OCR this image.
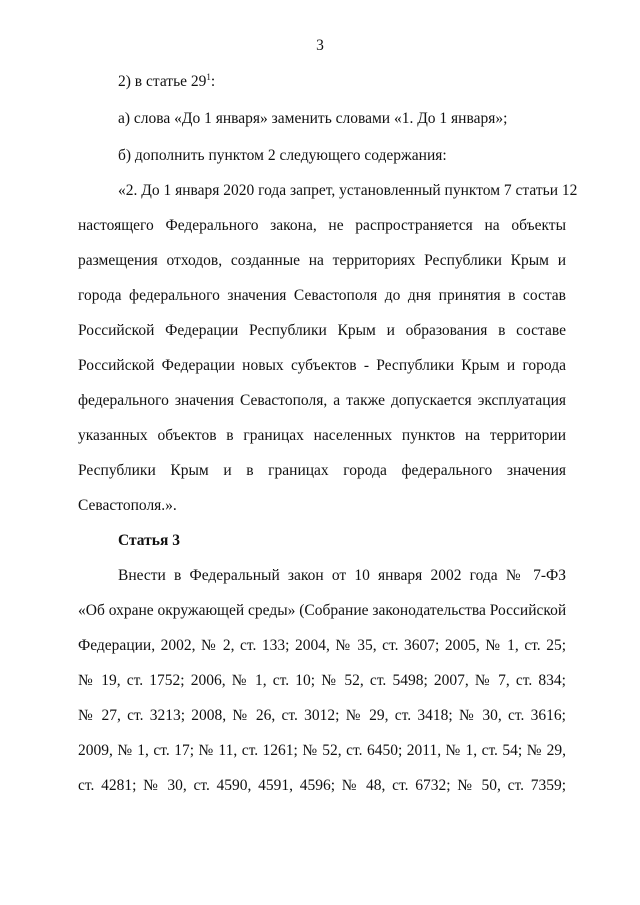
3
2) в статье $29^1$:
а) слова «До 1 января» заменить словами «1. До 1 января»;
б) дополнить пунктом 2 следующего содержания:
«2. До 1 января 2020 года запрет, установленный пунктом 7 статьи 12
настоящего Федерального закона, не распространяется на объекты
размещения отходов, созданные на территориях Республики Крым и
города федерального значения Севастополя до дня принятия в состав
Российской Федерации Республики Крым и образования в составе
Российской Федерации новых субъектов - Республики Крым и города
федерального значения Севастополя, а также допускается эксплуатация
указанных объектов в границах населенных пунктов на территории
Республики Крым и в границах города федерального значения
Севастополя.».
Статья 3
Внести в Федеральный закон от 10 января 2002 года № 7-ФЗ
«Об охране окружающей среды» (Собрание законодательства Российской
Федерации, 2002, № 2, ст. 133; 2004, № 35, ст. 3607; 2005, № 1, ст. 25;
№ 19, ст. 1752; 2006, № 1, ст. 10; № 52, ст. 5498; 2007, № 7, ст. 834;
№ 27, ст. 3213; 2008, № 26, ст. 3012; № 29, ст. 3418; № 30, ст. 3616;
2009, № 1, ст. 17; № 11, ст. 1261; № 52, ст. 6450; 2011, № 1, ст. 54; № 29,
ст. 4281; № 30, ст. 4590, 4591, 4596; № 48, ст. 6732; № 50, ст. 7359;
